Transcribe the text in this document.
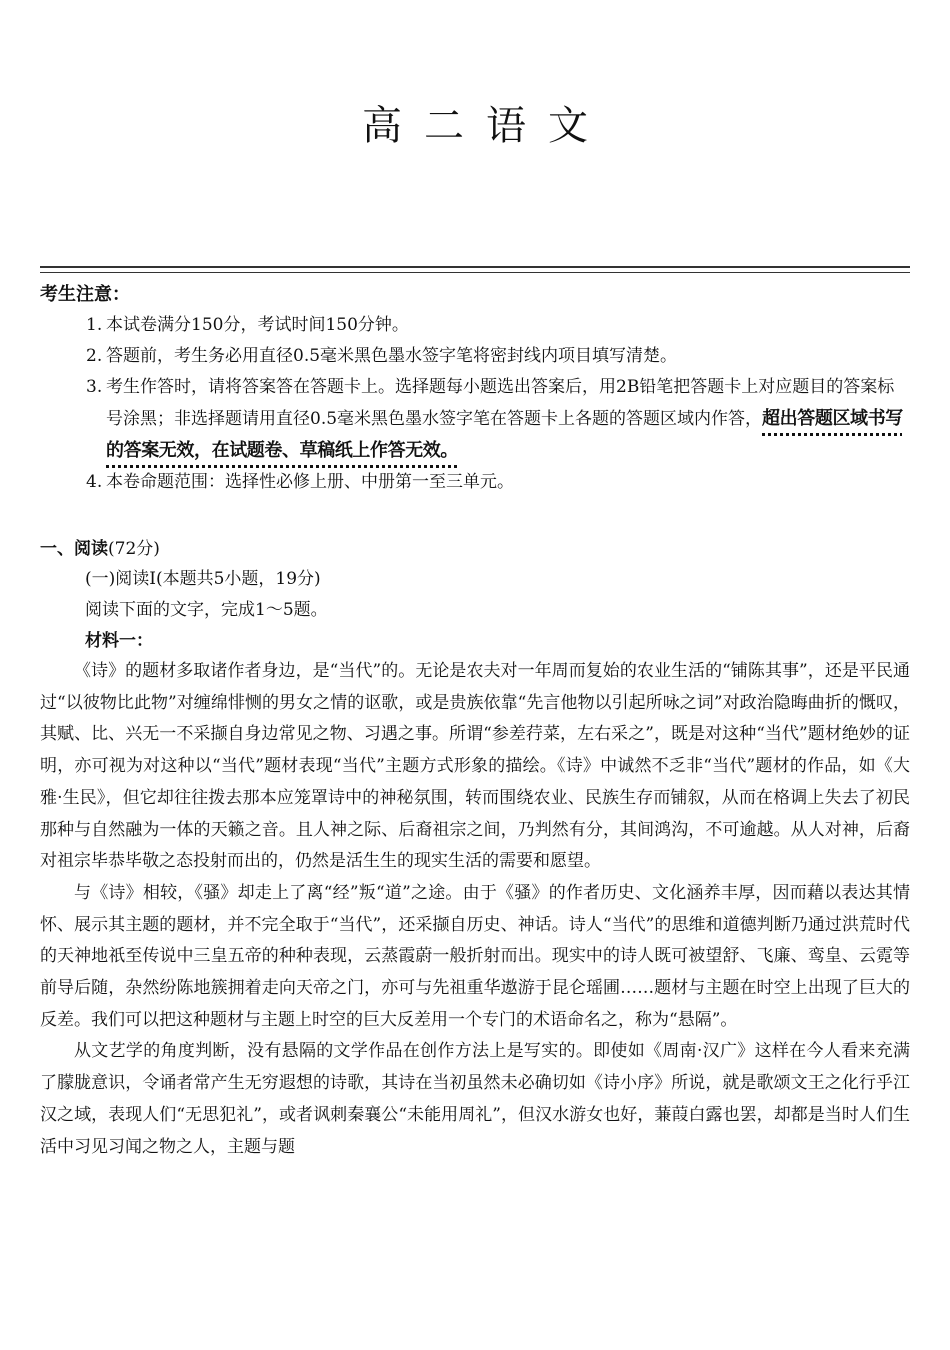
高二语文
考生注意：
1. 本试卷满分150分，考试时间150分钟。
2. 答题前，考生务必用直径0.5毫米黑色墨水签字笔将密封线内项目填写清楚。
3. 考生作答时，请将答案答在答题卡上。选择题每小题选出答案后，用2B铅笔把答题卡上对应题目的答案标号涂黑；非选择题请用直径0.5毫米黑色墨水签字笔在答题卡上各题的答题区域内作答，超出答题区域书写的答案无效，在试题卷、草稿纸上作答无效。
4. 本卷命题范围：选择性必修上册、中册第一至三单元。
一、阅读(72分)
(一)阅读Ⅰ(本题共5小题，19分)
阅读下面的文字，完成1～5题。
材料一：

《诗》的题材多取诸作者身边，是“当代”的。无论是农夫对一年周而复始的农业生活的“铺陈其事”，还是平民通过“以彼物比此物”对缠绵悱恻的男女之情的讴歌，或是贵族依靠“先言他物以引起所咏之词”对政治隐晦曲折的慨叹，其赋、比、兴无一不采撷自身边常见之物、习遇之事。所谓“参差荇菜，左右采之”，既是对这种“当代”题材绝妙的证明，亦可视为对这种以“当代”题材表现“当代”主题方式形象的描绘。《诗》中诚然不乏非“当代”题材的作品，如《大雅·生民》，但它却往往拨去那本应笼罩诗中的神秘氛围，转而围绕农业、民族生存而铺叙，从而在格调上失去了初民那种与自然融为一体的天籁之音。且人神之际、后裔祖宗之间，乃判然有分，其间鸿沟，不可逾越。从人对神，后裔对祖宗毕恭毕敬之态投射而出的，仍然是活生生的现实生活的需要和愿望。

与《诗》相较，《骚》却走上了离“经”叛“道”之途。由于《骚》的作者历史、文化涵养丰厚，因而藉以表达其情怀、展示其主题的题材，并不完全取于“当代”，还采撷自历史、神话。诗人“当代”的思维和道德判断乃通过洪荒时代的天神地祇至传说中三皇五帝的种种表现，云蒸霞蔚一般折射而出。现实中的诗人既可被望舒、飞廉、鸾皇、云霓等前导后随，杂然纷陈地簇拥着走向天帝之门，亦可与先祖重华遨游于昆仑瑶圃……题材与主题在时空上出现了巨大的反差。我们可以把这种题材与主题上时空的巨大反差用一个专门的术语命名之，称为“悬隔”。

从文艺学的角度判断，没有悬隔的文学作品在创作方法上是写实的。即使如《周南·汉广》这样在今人看来充满了朦胧意识，令诵者常产生无穷遐想的诗歌，其诗在当初虽然未必确切如《诗小序》所说，就是歌颂文王之化行乎江汉之域，表现人们“无思犯礼”，或者讽刺秦襄公“未能用周礼”，但汉水游女也好，蒹葭白露也罢，却都是当时人们生活中习见习闻之物之人，主题与题
